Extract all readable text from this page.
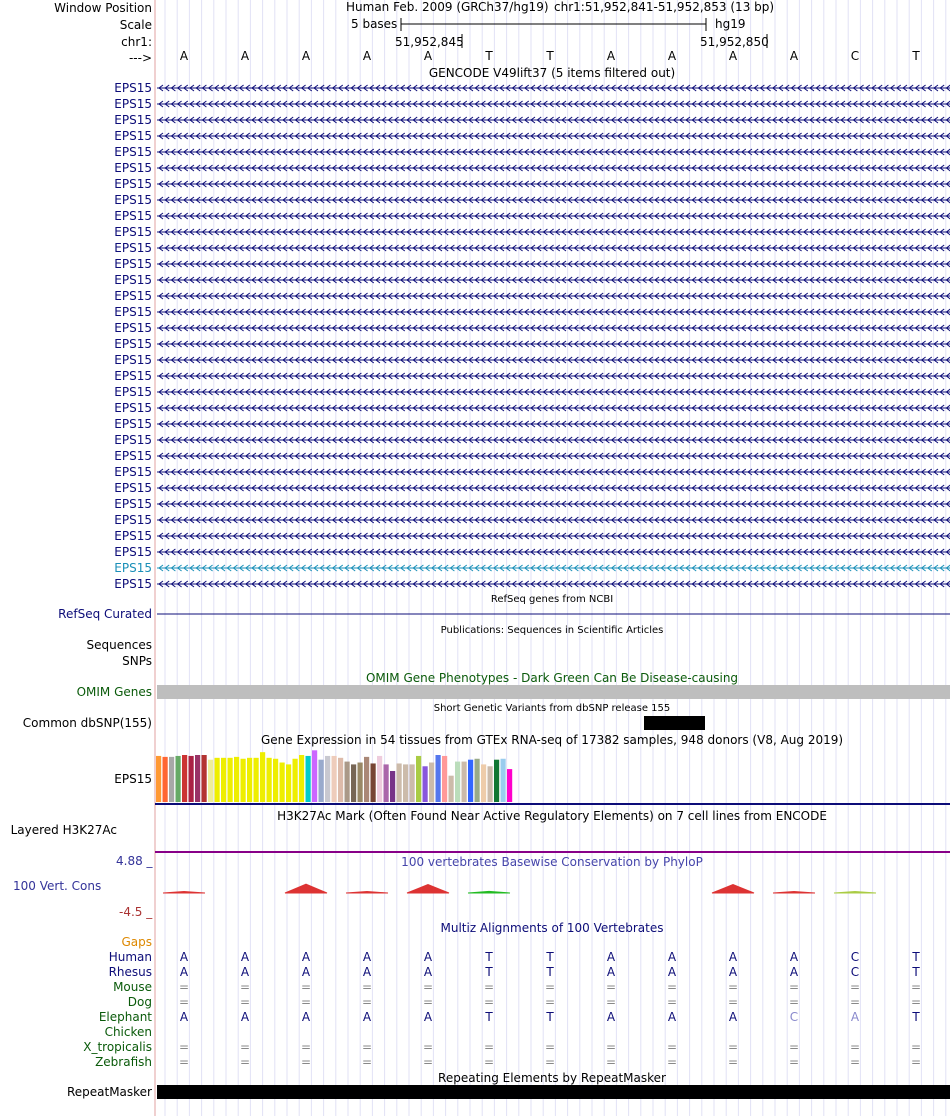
Window Position
Scale
chr1:
--->
Human Feb. 2009 (GRCh37/hg19) chr1:51,952,841-51,952,853 (13 bp)
5 bases	hg19
51,952,845	51,952,850
A	A	A	A	A	T	T	A	A	A	A	C	T
GENCODE V49lift37 (5 items filtered out)
EPS15
EPS15
EPS15
EPS15
EPS15
EPS15
EPS15
EPS15
EPS15
EPS15
EPS15
EPS15
EPS15
EPS15
EPS15
EPS15
EPS15
EPS15
EPS15
EPS15
EPS15
EPS15
EPS15
EPS15
EPS15
EPS15
EPS15
EPS15
EPS15
EPS15
EPS15
EPS15
RefSeq genes from NCBI
RefSeq Curated
Publications: Sequences in Scientific Articles
Sequences
SNPs
OMIM Gene Phenotypes - Dark Green Can Be Disease-causing
OMIM Genes
Short Genetic Variants from dbSNP release 155
Common dbSNP(155)
Gene Expression in 54 tissues from GTEx RNA-seq of 17382 samples, 948 donors (V8, Aug 2019)
EPS15
H3K27Ac Mark (Often Found Near Active Regulatory Elements) on 7 cell lines from ENCODE
Layered H3K27Ac
100 vertebrates Basewise Conservation by PhyloP
4.88 _
100 Vert. Cons
-4.5 _
Multiz Alignments of 100 Vertebrates
Gaps
Human	A	A	A	A	A	T	T	A	A	A	A	C	T
Rhesus	A	A	A	A	A	T	T	A	A	A	A	C	T
Mouse	=	=	=	=	=	=	=	=	=	=	=	=	=
Dog	=	=	=	=	=	=	=	=	=	=	=	=	=
Elephant	A	A	A	A	A	T	T	A	A	A	C	A	T
Chicken
X_tropicalis	=	=	=	=	=	=	=	=	=	=	=	=	=
Zebrafish	=	=	=	=	=	=	=	=	=	=	=	=	=
Repeating Elements by RepeatMasker
RepeatMasker
